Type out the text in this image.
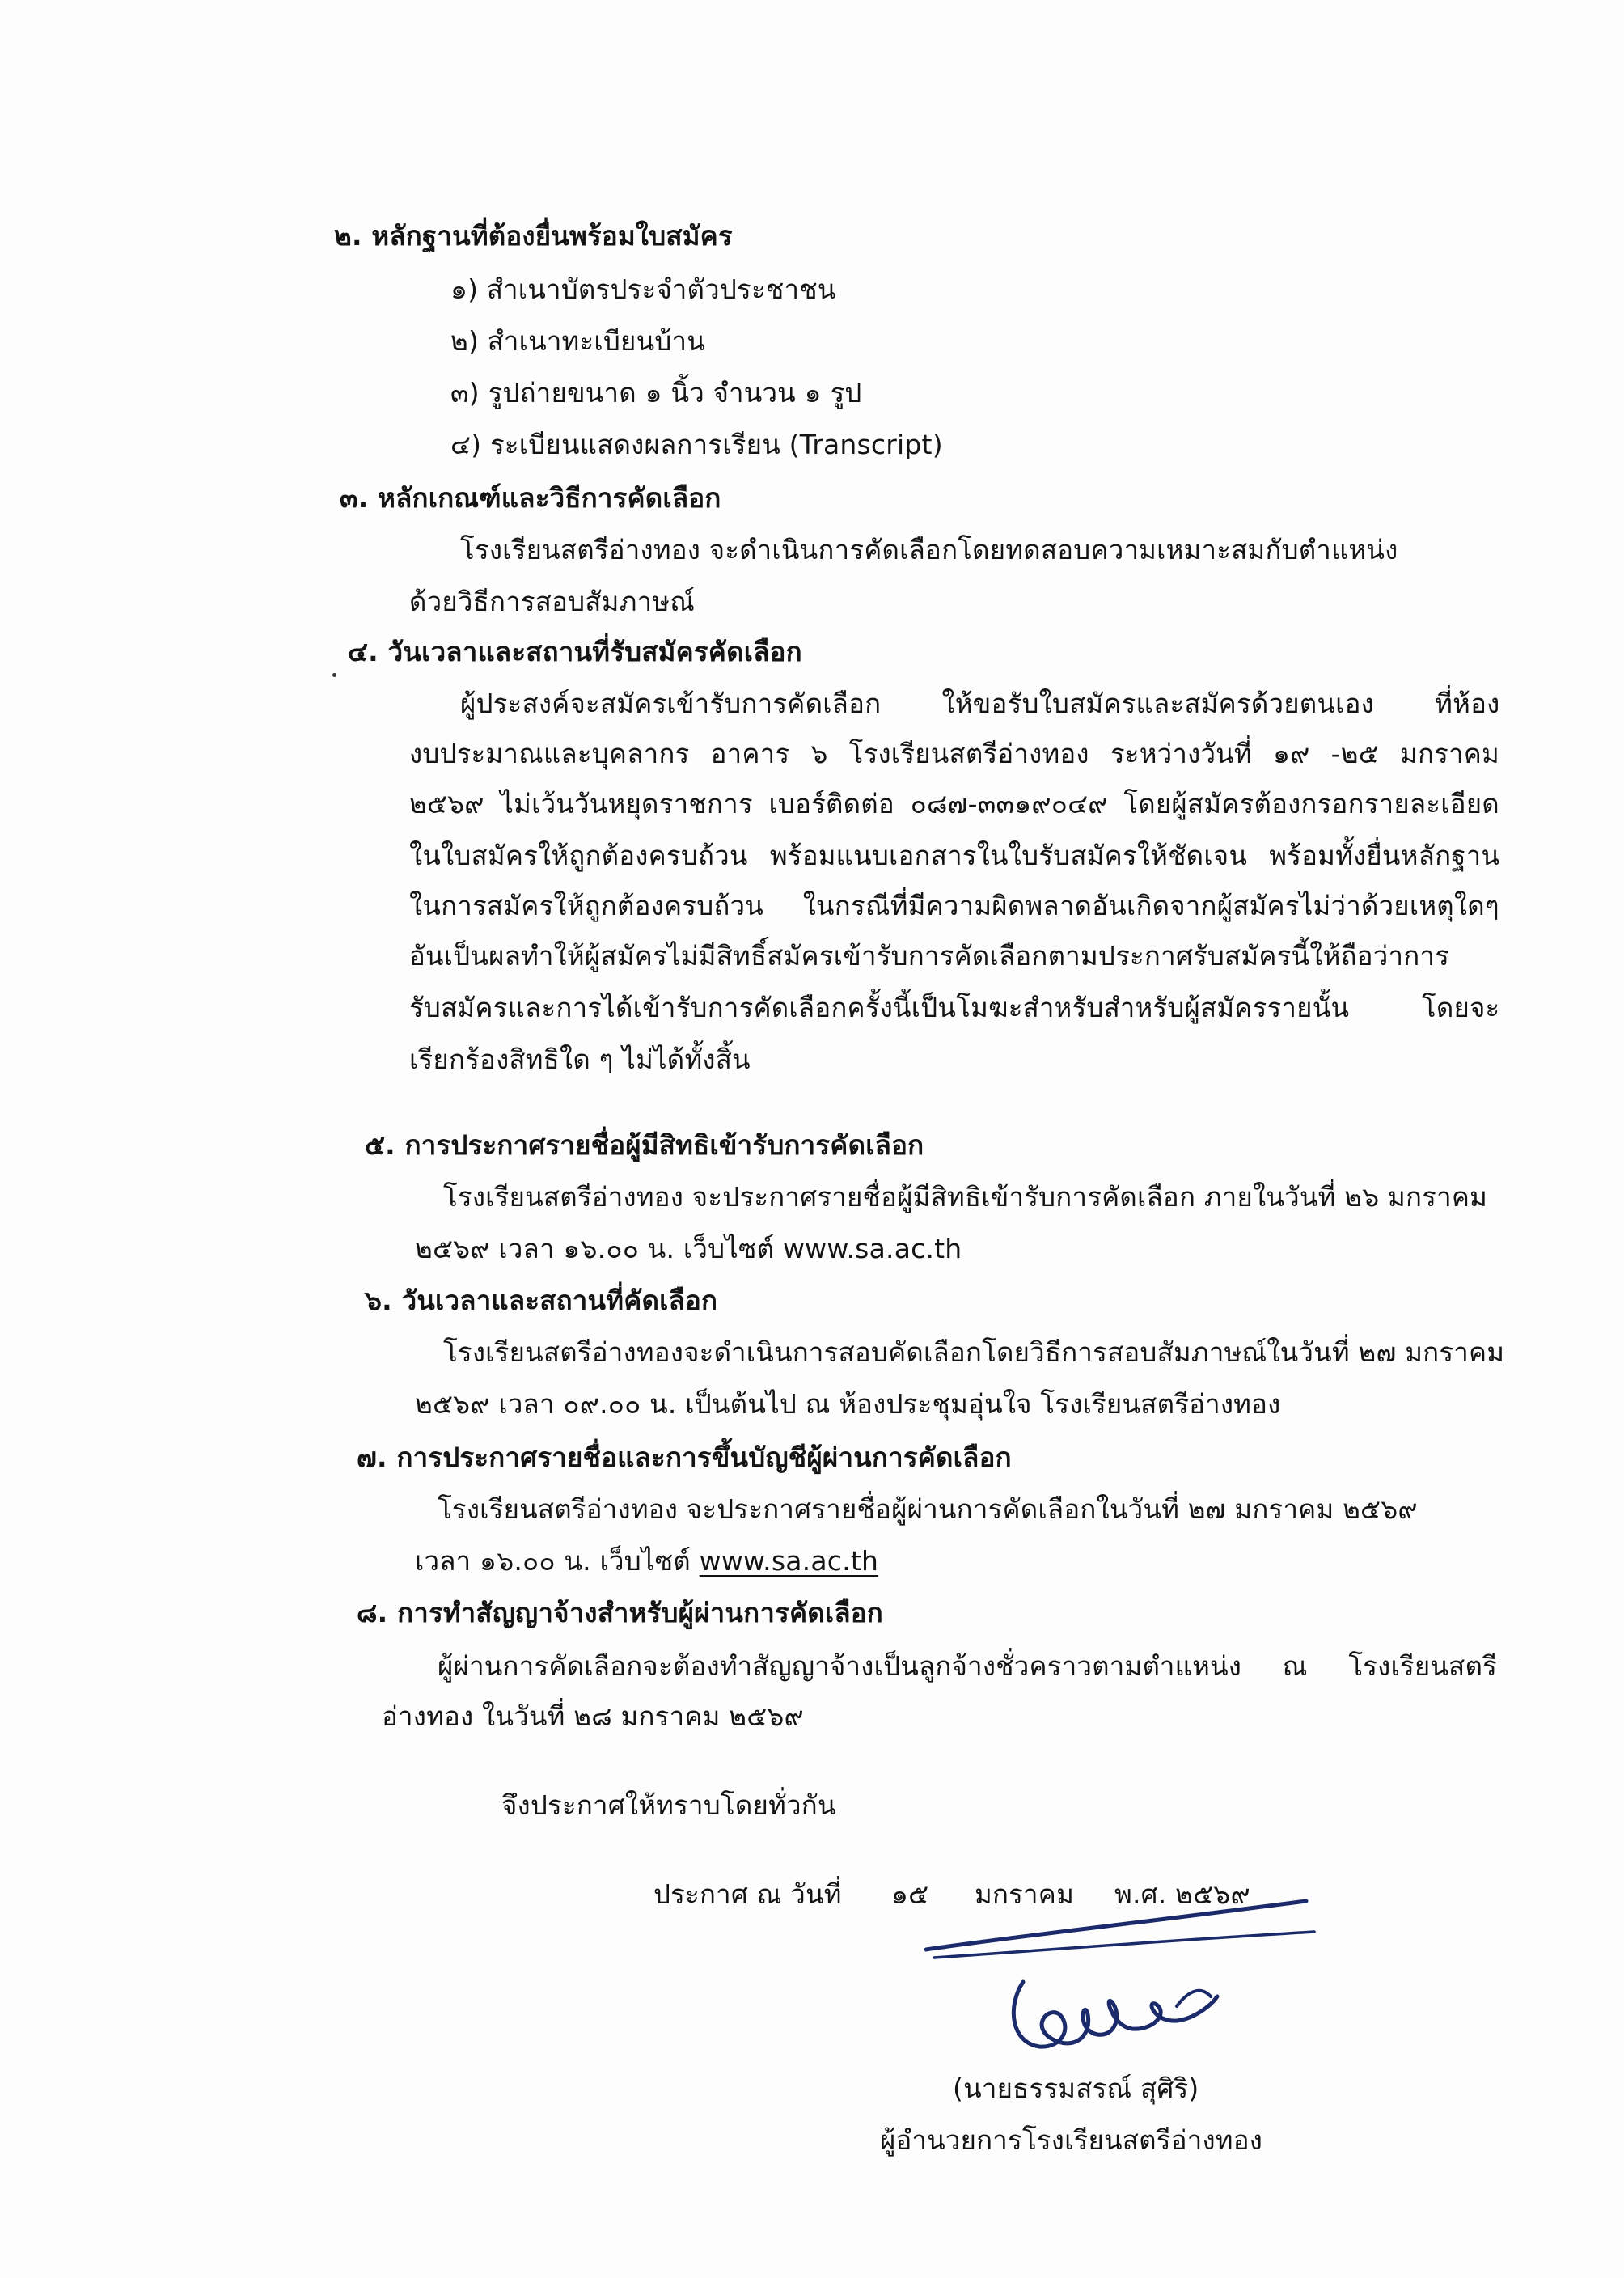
๒. หลักฐานที่ต้องยื่นพร้อมใบสมัคร
๑) สำเนาบัตรประจำตัวประชาชน
๒) สำเนาทะเบียนบ้าน
๓) รูปถ่ายขนาด ๑ นิ้ว จำนวน ๑ รูป
๔) ระเบียนแสดงผลการเรียน (Transcript)
๓. หลักเกณฑ์และวิธีการคัดเลือก
โรงเรียนสตรีอ่างทอง จะดำเนินการคัดเลือกโดยทดสอบความเหมาะสมกับตำแหน่ง
ด้วยวิธีการสอบสัมภาษณ์
๔. วันเวลาและสถานที่รับสมัครคัดเลือก
ผู้ประสงค์จะสมัครเข้ารับการคัดเลือก ให้ขอรับใบสมัครและสมัครด้วยตนเอง ที่ห้อง
งบประมาณและบุคลากร อาคาร ๖ โรงเรียนสตรีอ่างทอง ระหว่างวันที่ ๑๙ -๒๕ มกราคม
๒๕๖๙ ไม่เว้นวันหยุดราชการ เบอร์ติดต่อ ๐๘๗-๓๓๑๙๐๔๙ โดยผู้สมัครต้องกรอกรายละเอียด
ในใบสมัครให้ถูกต้องครบถ้วน พร้อมแนบเอกสารในใบรับสมัครให้ชัดเจน พร้อมทั้งยื่นหลักฐาน
ในการสมัครให้ถูกต้องครบถ้วน ในกรณีที่มีความผิดพลาดอันเกิดจากผู้สมัครไม่ว่าด้วยเหตุใดๆ
อันเป็นผลทำให้ผู้สมัครไม่มีสิทธิ์สมัครเข้ารับการคัดเลือกตามประกาศรับสมัครนี้ให้ถือว่าการ
รับสมัครและการได้เข้ารับการคัดเลือกครั้งนี้เป็นโมฆะสำหรับสำหรับผู้สมัครรายนั้น โดยจะ
เรียกร้องสิทธิใด ๆ ไม่ได้ทั้งสิ้น
๕. การประกาศรายชื่อผู้มีสิทธิเข้ารับการคัดเลือก
โรงเรียนสตรีอ่างทอง จะประกาศรายชื่อผู้มีสิทธิเข้ารับการคัดเลือก ภายในวันที่ ๒๖ มกราคม
๒๕๖๙ เวลา ๑๖.๐๐ น. เว็บไซต์ www.sa.ac.th
๖. วันเวลาและสถานที่คัดเลือก
โรงเรียนสตรีอ่างทองจะดำเนินการสอบคัดเลือกโดยวิธีการสอบสัมภาษณ์ในวันที่ ๒๗ มกราคม
๒๕๖๙ เวลา ๐๙.๐๐ น. เป็นต้นไป ณ ห้องประชุมอุ่นใจ โรงเรียนสตรีอ่างทอง
๗. การประกาศรายชื่อและการขึ้นบัญชีผู้ผ่านการคัดเลือก
โรงเรียนสตรีอ่างทอง จะประกาศรายชื่อผู้ผ่านการคัดเลือกในวันที่ ๒๗ มกราคม ๒๕๖๙
เวลา ๑๖.๐๐ น. เว็บไซต์ www.sa.ac.th
๘. การทำสัญญาจ้างสำหรับผู้ผ่านการคัดเลือก
ผู้ผ่านการคัดเลือกจะต้องทำสัญญาจ้างเป็นลูกจ้างชั่วคราวตามตำแหน่ง ณ โรงเรียนสตรี
อ่างทอง ในวันที่ ๒๘ มกราคม ๒๕๖๙
จึงประกาศให้ทราบโดยทั่วกัน
ประกาศ ณ วันที่ ๑๕ มกราคม พ.ศ. ๒๕๖๙
(นายธรรมสรณ์ สุศิริ)
ผู้อำนวยการโรงเรียนสตรีอ่างทอง
